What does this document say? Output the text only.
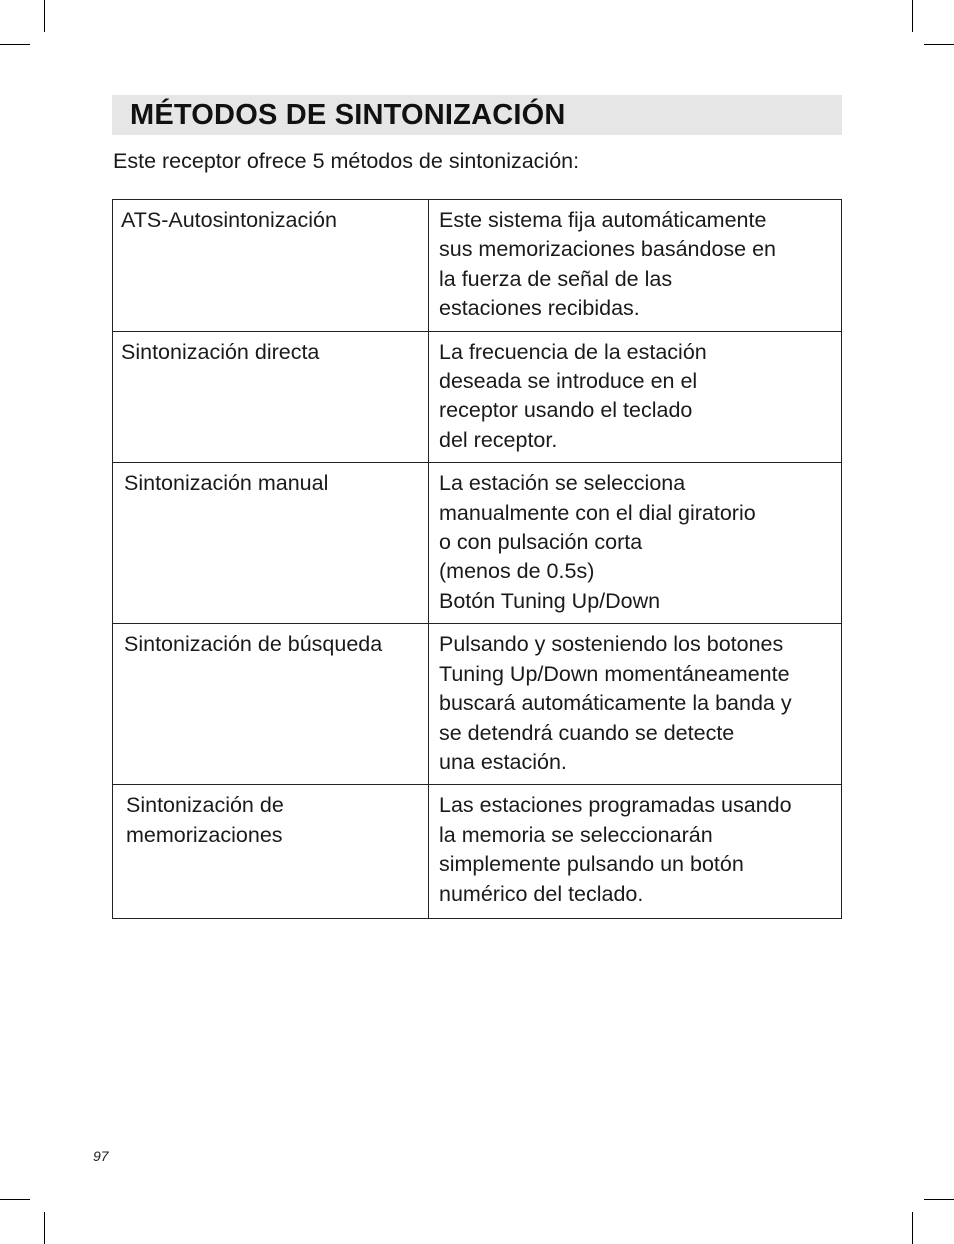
MÉTODOS DE SINTONIZACIÓN
Este receptor ofrece 5 métodos de sintonización:
ATS-Autosintonización	Este sistema fija automáticamente
sus memorizaciones basándose en
la fuerza de señal de las
estaciones recibidas.
Sintonización directa	La frecuencia de la estación
deseada se introduce en el
receptor usando el teclado
del receptor.
Sintonización manual	La estación se selecciona
manualmente con el dial giratorio
o con pulsación corta
(menos de 0.5s)
Botón Tuning Up/Down
Sintonización de búsqueda	Pulsando y sosteniendo los botones
Tuning Up/Down momentáneamente
buscará automáticamente la banda y
se detendrá cuando se detecte
una estación.
Sintonización de
memorizaciones	Las estaciones programadas usando
la memoria se seleccionarán
simplemente pulsando un botón
numérico del teclado.
97
